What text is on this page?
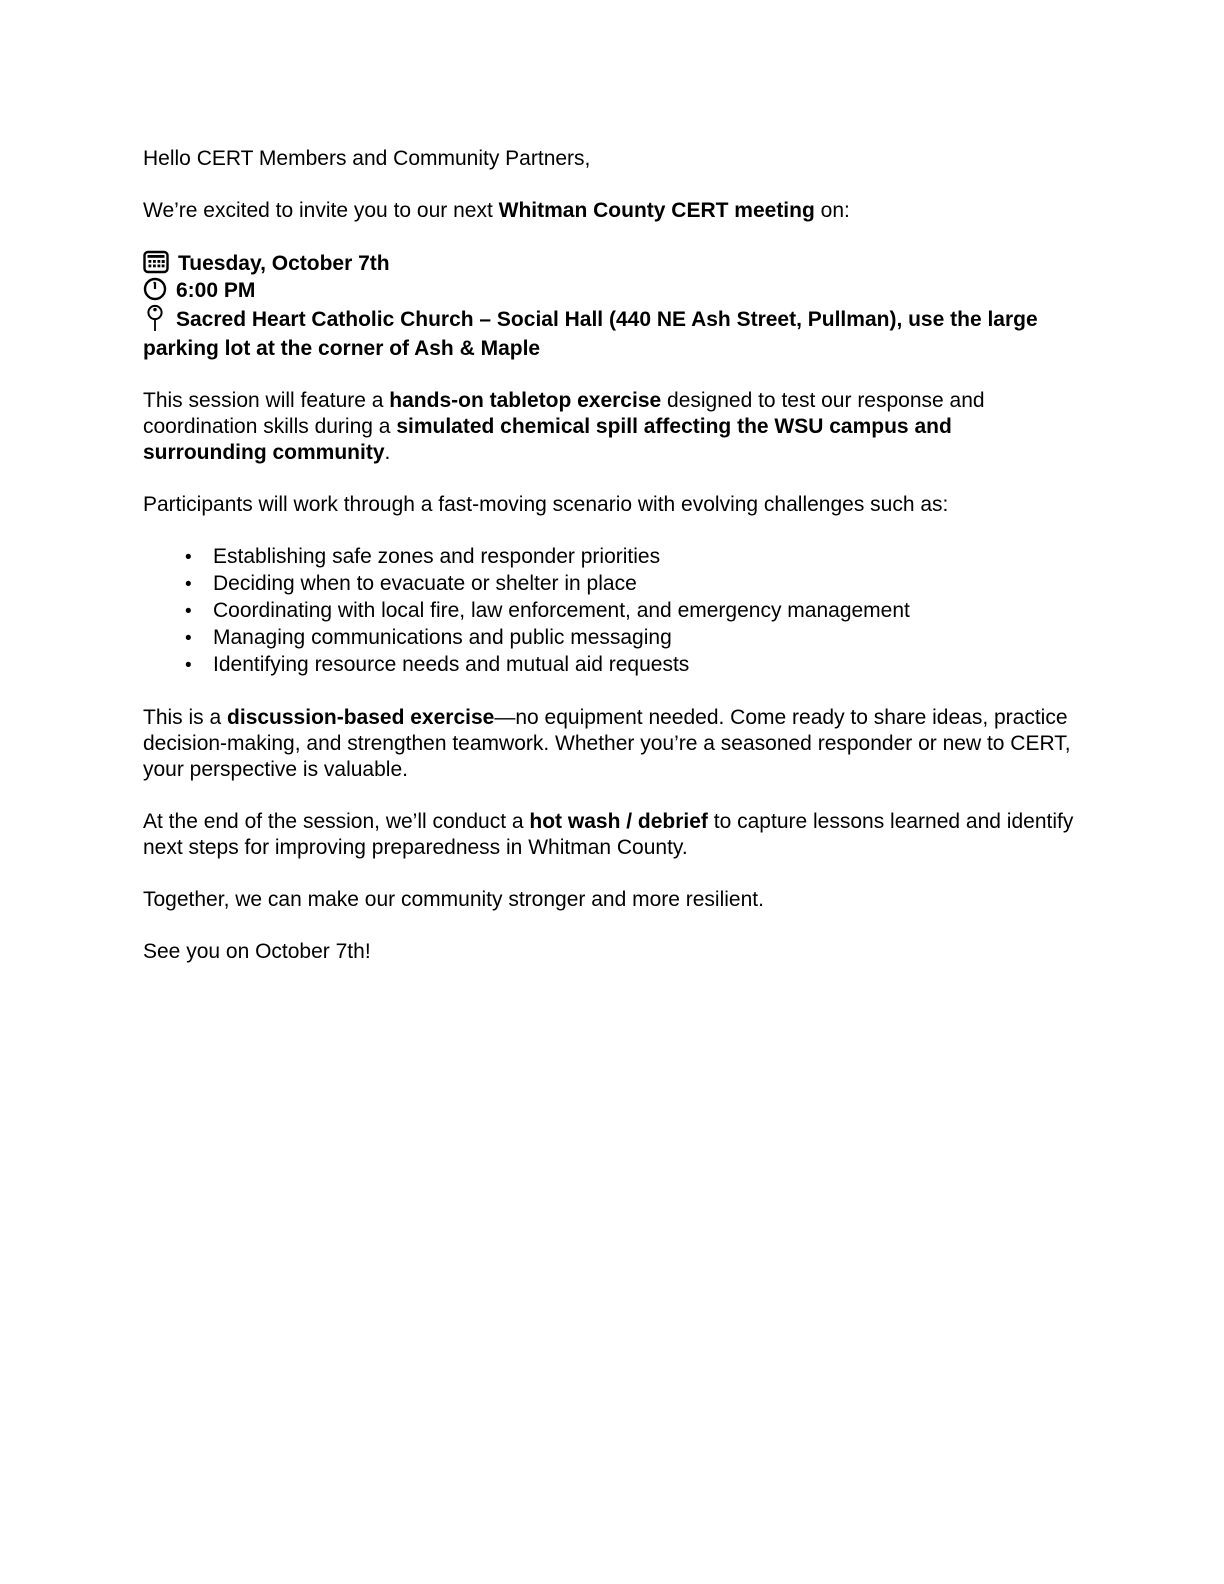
Hello CERT Members and Community Partners,

We’re excited to invite you to our next Whitman County CERT meeting on:

Tuesday, October 7th

6:00 PM

Sacred Heart Catholic Church – Social Hall (440 NE Ash Street, Pullman), use the large parking lot at the corner of Ash & Maple

This session will feature a hands-on tabletop exercise designed to test our response and coordination skills during a simulated chemical spill affecting the WSU campus and surrounding community.

Participants will work through a fast-moving scenario with evolving challenges such as:

• Establishing safe zones and responder priorities
• Deciding when to evacuate or shelter in place
• Coordinating with local fire, law enforcement, and emergency management
• Managing communications and public messaging
• Identifying resource needs and mutual aid requests

This is a discussion-based exercise—no equipment needed. Come ready to share ideas, practice decision-making, and strengthen teamwork. Whether you’re a seasoned responder or new to CERT, your perspective is valuable.

At the end of the session, we’ll conduct a hot wash / debrief to capture lessons learned and identify next steps for improving preparedness in Whitman County.

Together, we can make our community stronger and more resilient.

See you on October 7th!
